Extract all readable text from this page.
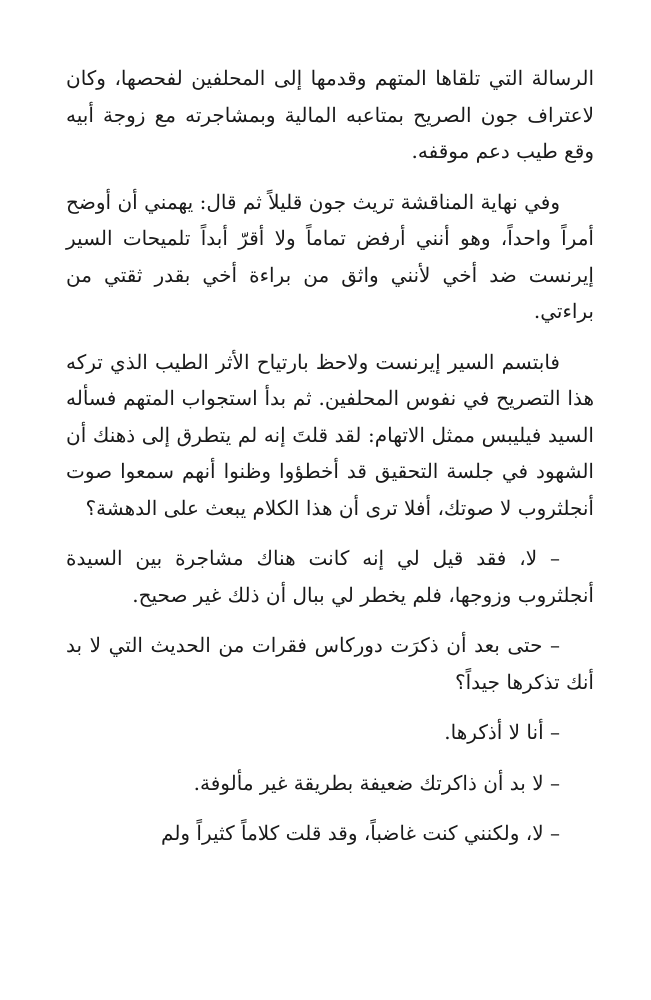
الرسالة التي تلقاها المتهم وقدمها إلى المحلفين لفحصها، وكان لاعتراف جون الصريح بمتاعبه المالية وبمشاجرته مع زوجة أبيه وقع طيب دعم موقفه.

وفي نهاية المناقشة تريث جون قليلاً ثم قال: يهمني أن أوضح أمراً واحداً، وهو أنني أرفض تماماً ولا أقرّ أبداً تلميحات السير إيرنست ضد أخي لأنني واثق من براءة أخي بقدر ثقتي من براءتي.

فابتسم السير إيرنست ولاحظ بارتياح الأثر الطيب الذي تركه هذا التصريح في نفوس المحلفين. ثم بدأ استجواب المتهم فسأله السيد فيليبس ممثل الاتهام: لقد قلتَ إنه لم يتطرق إلى ذهنك أن الشهود في جلسة التحقيق قد أخطؤوا وظنوا أنهم سمعوا صوت أنجلثروب لا صوتك، أفلا ترى أن هذا الكلام يبعث على الدهشة؟

– لا، فقد قيل لي إنه كانت هناك مشاجرة بين السيدة أنجلثروب وزوجها، فلم يخطر لي ببال أن ذلك غير صحيح.

– حتى بعد أن ذكرَت دوركاس فقرات من الحديث التي لا بد أنك تذكرها جيداً؟

– أنا لا أذكرها.

– لا بد أن ذاكرتك ضعيفة بطريقة غير مألوفة.

– لا، ولكنني كنت غاضباً، وقد قلت كلاماً كثيراً ولم
